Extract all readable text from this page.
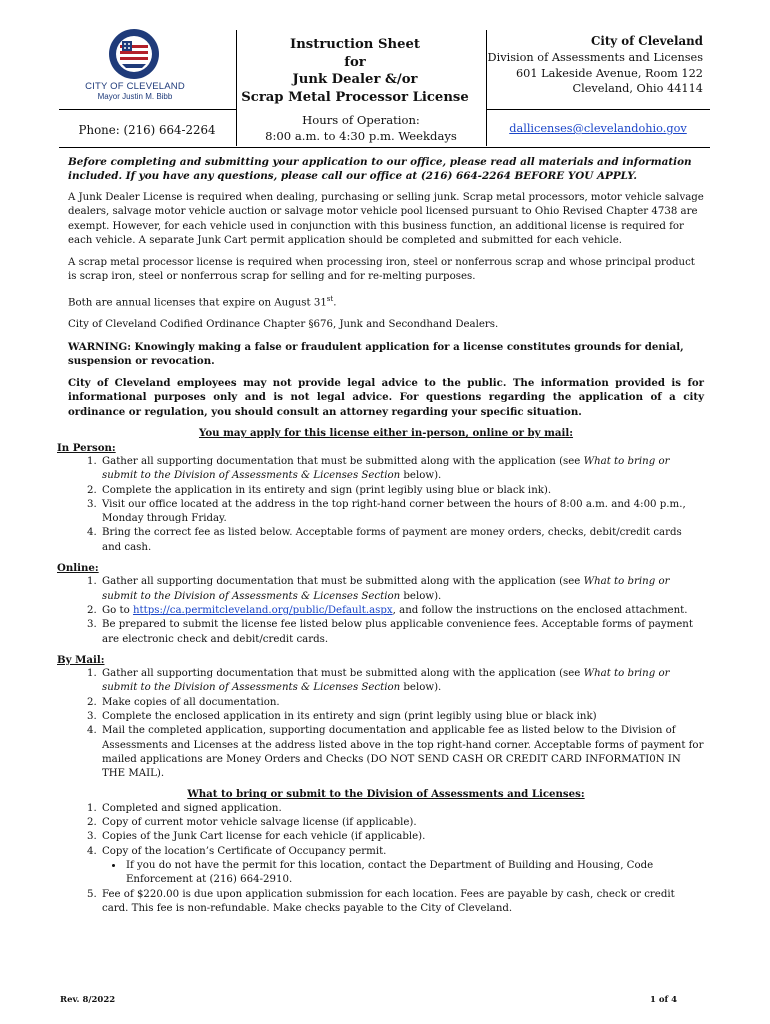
CITY OF CLEVELAND
Mayor Justin M. Bibb
Instruction Sheet
for
Junk Dealer &/or
Scrap Metal Processor License
City of Cleveland
Division of Assessments and Licenses
601 Lakeside Avenue, Room 122
Cleveland, Ohio 44114
Phone: (216) 664-2264
Hours of Operation:
8:00 a.m. to 4:30 p.m. Weekdays	dallicenses@clevelandohio.gov

Before completing and submitting your application to our office, please read all materials and information included. If you have any questions, please call our office at (216) 664-2264 BEFORE YOU APPLY.

A Junk Dealer License is required when dealing, purchasing or selling junk. Scrap metal processors, motor vehicle salvage dealers, salvage motor vehicle auction or salvage motor vehicle pool licensed pursuant to Ohio Revised Chapter 4738 are exempt. However, for each vehicle used in conjunction with this business function, an additional license is required for each vehicle. A separate Junk Cart permit application should be completed and submitted for each vehicle.

A scrap metal processor license is required when processing iron, steel or nonferrous scrap and whose principal product is scrap iron, steel or nonferrous scrap for selling and for re-melting purposes.

Both are annual licenses that expire on August 31st.

City of Cleveland Codified Ordinance Chapter §676, Junk and Secondhand Dealers.

WARNING: Knowingly making a false or fraudulent application for a license constitutes grounds for denial, suspension or revocation.

City of Cleveland employees may not provide legal advice to the public. The information provided is for informational purposes only and is not legal advice. For questions regarding the application of a city ordinance or regulation, you should consult an attorney regarding your specific situation.

You may apply for this license either in-person, online or by mail:
In Person:
1. Gather all supporting documentation that must be submitted along with the application (see What to bring or submit to the Division of Assessments & Licenses Section below).
2. Complete the application in its entirety and sign (print legibly using blue or black ink).
3. Visit our office located at the address in the top right-hand corner between the hours of 8:00 a.m. and 4:00 p.m., Monday through Friday.
4. Bring the correct fee as listed below. Acceptable forms of payment are money orders, checks, debit/credit cards and cash.
Online:
1. Gather all supporting documentation that must be submitted along with the application (see What to bring or submit to the Division of Assessments & Licenses Section below).
2. Go to https://ca.permitcleveland.org/public/Default.aspx, and follow the instructions on the enclosed attachment.
3. Be prepared to submit the license fee listed below plus applicable convenience fees. Acceptable forms of payment are electronic check and debit/credit cards.
By Mail:
1. Gather all supporting documentation that must be submitted along with the application (see What to bring or submit to the Division of Assessments & Licenses Section below).
2. Make copies of all documentation.
3. Complete the enclosed application in its entirety and sign (print legibly using blue or black ink)
4. Mail the completed application, supporting documentation and applicable fee as listed below to the Division of Assessments and Licenses at the address listed above in the top right-hand corner. Acceptable forms of payment for mailed applications are Money Orders and Checks (DO NOT SEND CASH OR CREDIT CARD INFORMATI0N IN THE MAIL).
What to bring or submit to the Division of Assessments and Licenses:
1. Completed and signed application.
2. Copy of current motor vehicle salvage license (if applicable).
3. Copies of the Junk Cart license for each vehicle (if applicable).
4. Copy of the location’s Certificate of Occupancy permit.
• If you do not have the permit for this location, contact the Department of Building and Housing, Code Enforcement at (216) 664-2910.
5. Fee of $220.00 is due upon application submission for each location. Fees are payable by cash, check or credit card. This fee is non-refundable. Make checks payable to the City of Cleveland.
Rev. 8/2022	1 of 4
